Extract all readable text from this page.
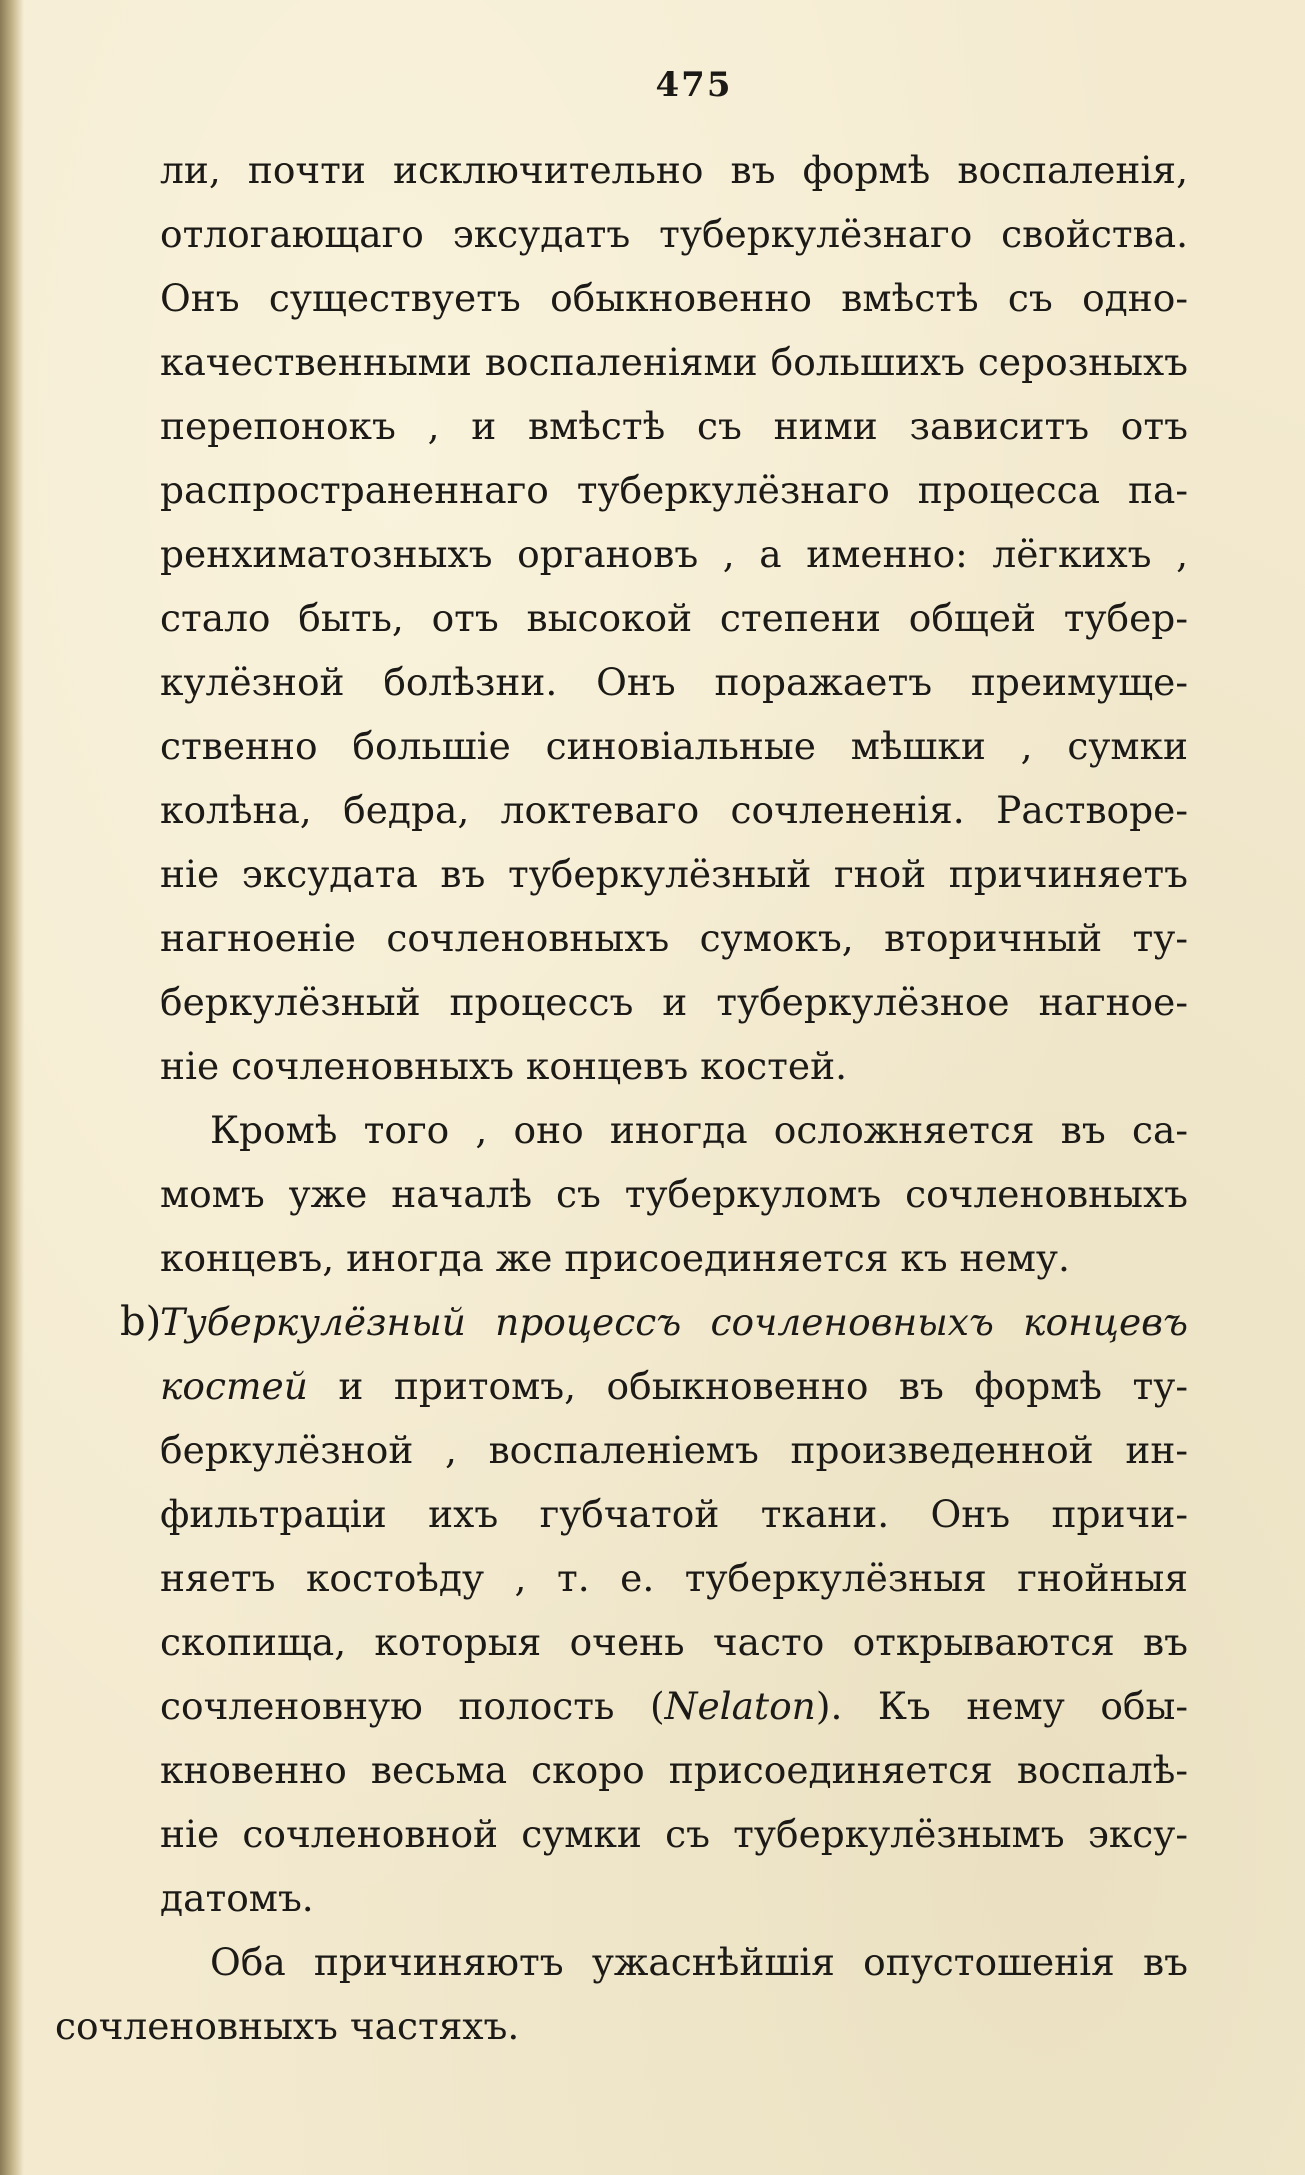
475
ли, почти исключительно въ формѣ воспаленія,
отлогающаго эксудатъ туберкулёзнаго свойства.
Онъ существуетъ обыкновенно вмѣстѣ съ одно-
качественными воспаленіями большихъ серозныхъ
перепонокъ , и вмѣстѣ съ ними зависитъ отъ
распространеннаго туберкулёзнаго процесса па-
ренхиматозныхъ органовъ , а именно: лёгкихъ ,
стало быть, отъ высокой степени общей тубер-
кулёзной болѣзни. Онъ поражаетъ преимуще-
ственно большіе синовіальные мѣшки , сумки
колѣна, бедра, локтеваго сочлененія. Растворе-
ніе эксудата въ туберкулёзный гной причиняетъ
нагноеніе сочленовныхъ сумокъ, вторичный ту-
беркулёзный процессъ и туберкулёзное нагное-
ніе сочленовныхъ концевъ костей.
Кромѣ того , оно иногда осложняется въ са-
момъ уже началѣ съ туберкуломъ сочленовныхъ
концевъ, иногда же присоединяется къ нему.
b)
Туберкулёзный процессъ сочленовныхъ концевъ
костей и притомъ, обыкновенно въ формѣ ту-
беркулёзной , воспаленіемъ произведенной ин-
фильтраціи ихъ губчатой ткани. Онъ причи-
няетъ костоѣду , т. е. туберкулёзныя гнойныя
скопища, которыя очень часто открываются въ
сочленовную полость (Nelaton). Къ нему обы-
кновенно весьма скоро присоединяется воспалѣ-
ніе сочленовной сумки съ туберкулёзнымъ эксу-
датомъ.
Оба причиняютъ ужаснѣйшія опустошенія въ
сочленовныхъ частяхъ.
